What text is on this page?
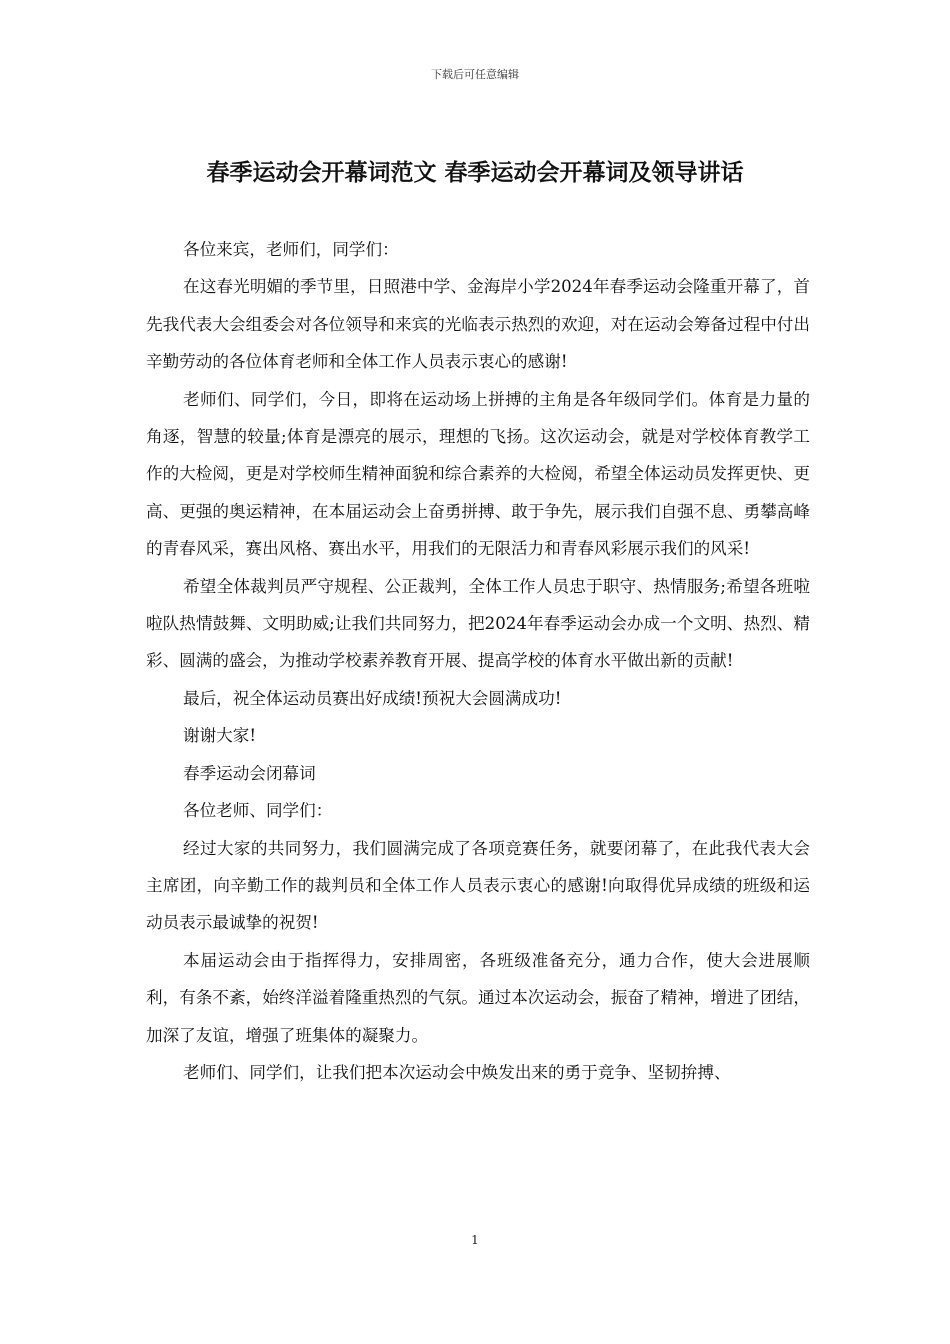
下载后可任意编辑
春季运动会开幕词范文 春季运动会开幕词及领导讲话

各位来宾，老师们，同学们：

在这春光明媚的季节里，日照港中学、金海岸小学2024年春季运动会隆重开幕了，首先我代表大会组委会对各位领导和来宾的光临表示热烈的欢迎，对在运动会筹备过程中付出辛勤劳动的各位体育老师和全体工作人员表示衷心的感谢!

老师们、同学们，今日，即将在运动场上拼搏的主角是各年级同学们。体育是力量的角逐，智慧的较量;体育是漂亮的展示，理想的飞扬。这次运动会，就是对学校体育教学工作的大检阅，更是对学校师生精神面貌和综合素养的大检阅，希望全体运动员发挥更快、更高、更强的奥运精神，在本届运动会上奋勇拼搏、敢于争先，展示我们自强不息、勇攀高峰的青春风采，赛出风格、赛出水平，用我们的无限活力和青春风彩展示我们的风采!

希望全体裁判员严守规程、公正裁判，全体工作人员忠于职守、热情服务;希望各班啦啦队热情鼓舞、文明助威;让我们共同努力，把2024年春季运动会办成一个文明、热烈、精彩、圆满的盛会，为推动学校素养教育开展、提高学校的体育水平做出新的贡献!

最后，祝全体运动员赛出好成绩!预祝大会圆满成功!

谢谢大家!

春季运动会闭幕词

各位老师、同学们：

经过大家的共同努力，我们圆满完成了各项竞赛任务，就要闭幕了，在此我代表大会主席团，向辛勤工作的裁判员和全体工作人员表示衷心的感谢!向取得优异成绩的班级和运动员表示最诚挚的祝贺!

本届运动会由于指挥得力，安排周密，各班级准备充分，通力合作，使大会进展顺利，有条不紊，始终洋溢着隆重热烈的气氛。通过本次运动会，振奋了精神，增进了团结，加深了友谊，增强了班集体的凝聚力。

老师们、同学们，让我们把本次运动会中焕发出来的勇于竞争、坚韧拚搏、

1
